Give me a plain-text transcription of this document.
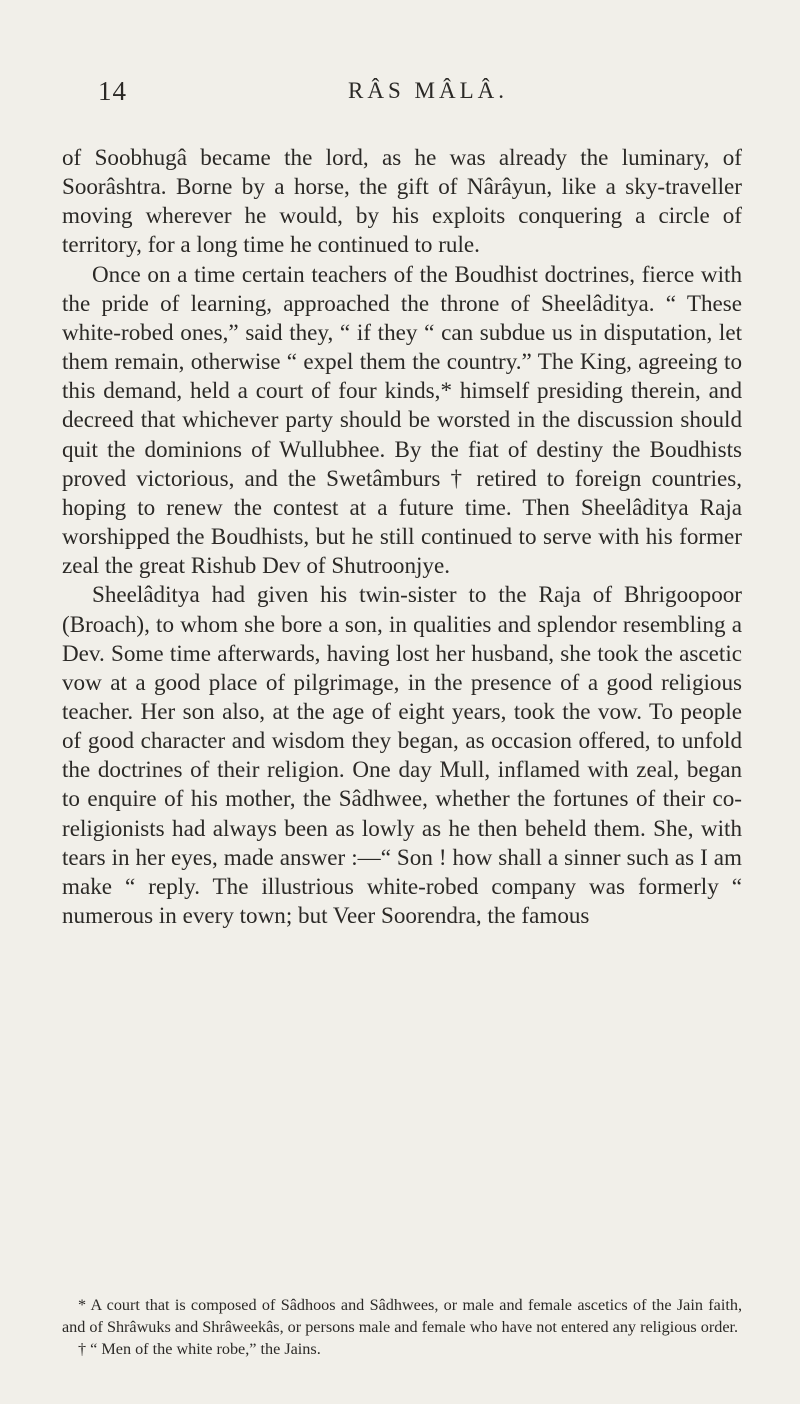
14	RÂS MÂLÂ.

of Soobhugâ became the lord, as he was already the luminary, of Soorâshtra. Borne by a horse, the gift of Nârâyun, like a sky-traveller moving wherever he would, by his exploits conquering a circle of territory, for a long time he continued to rule.

Once on a time certain teachers of the Boudhist doctrines, fierce with the pride of learning, approached the throne of Sheelâditya. “ These white-robed ones,” said they, “ if they “ can subdue us in disputation, let them remain, otherwise “ expel them the country.” The King, agreeing to this demand, held a court of four kinds,* himself presiding therein, and decreed that whichever party should be worsted in the discussion should quit the dominions of Wullubhee. By the fiat of destiny the Boudhists proved victorious, and the Swetâmburs † retired to foreign countries, hoping to renew the contest at a future time. Then Sheelâditya Raja worshipped the Boudhists, but he still continued to serve with his former zeal the great Rishub Dev of Shutroonjye.

Sheelâditya had given his twin-sister to the Raja of Bhrigoopoor (Broach), to whom she bore a son, in qualities and splendor resembling a Dev. Some time afterwards, having lost her husband, she took the ascetic vow at a good place of pilgrimage, in the presence of a good religious teacher. Her son also, at the age of eight years, took the vow. To people of good character and wisdom they began, as occasion offered, to unfold the doctrines of their religion. One day Mull, inflamed with zeal, began to enquire of his mother, the Sâdhwee, whether the fortunes of their co-religionists had always been as lowly as he then beheld them. She, with tears in her eyes, made answer :—“ Son ! how shall a sinner such as I am make “ reply. The illustrious white-robed company was formerly “ numerous in every town; but Veer Soorendra, the famous

* A court that is composed of Sâdhoos and Sâdhwees, or male and female ascetics of the Jain faith, and of Shrâwuks and Shrâweekâs, or persons male and female who have not entered any religious order.

† “ Men of the white robe,” the Jains.
